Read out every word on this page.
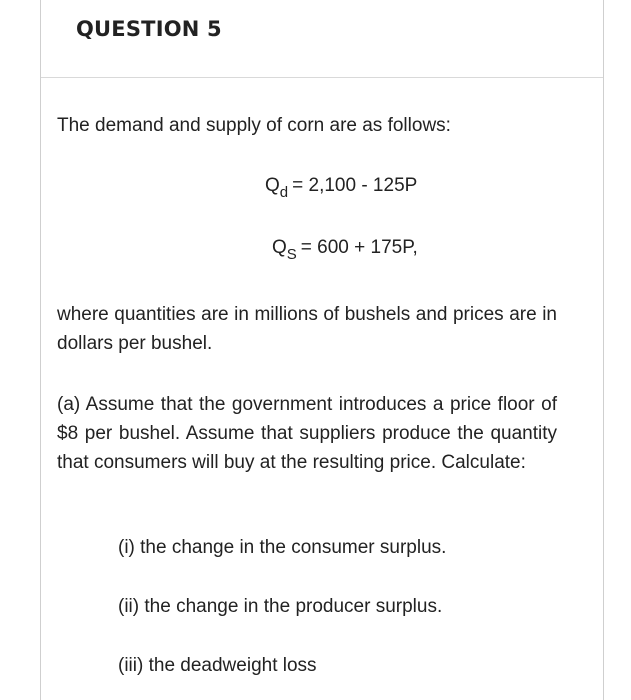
QUESTION 5
The demand and supply of corn are as follows:
$Q_d = 2,100 - 125P$
$Q_S = 600 + 175P$,
where quantities are in millions of bushels and prices are in dollars per bushel.
(a) Assume that the government introduces a price floor of $8 per bushel. Assume that suppliers produce the quantity that consumers will buy at the resulting price. Calculate:
(i) the change in the consumer surplus.
(ii) the change in the producer surplus.
(iii) the deadweight loss
